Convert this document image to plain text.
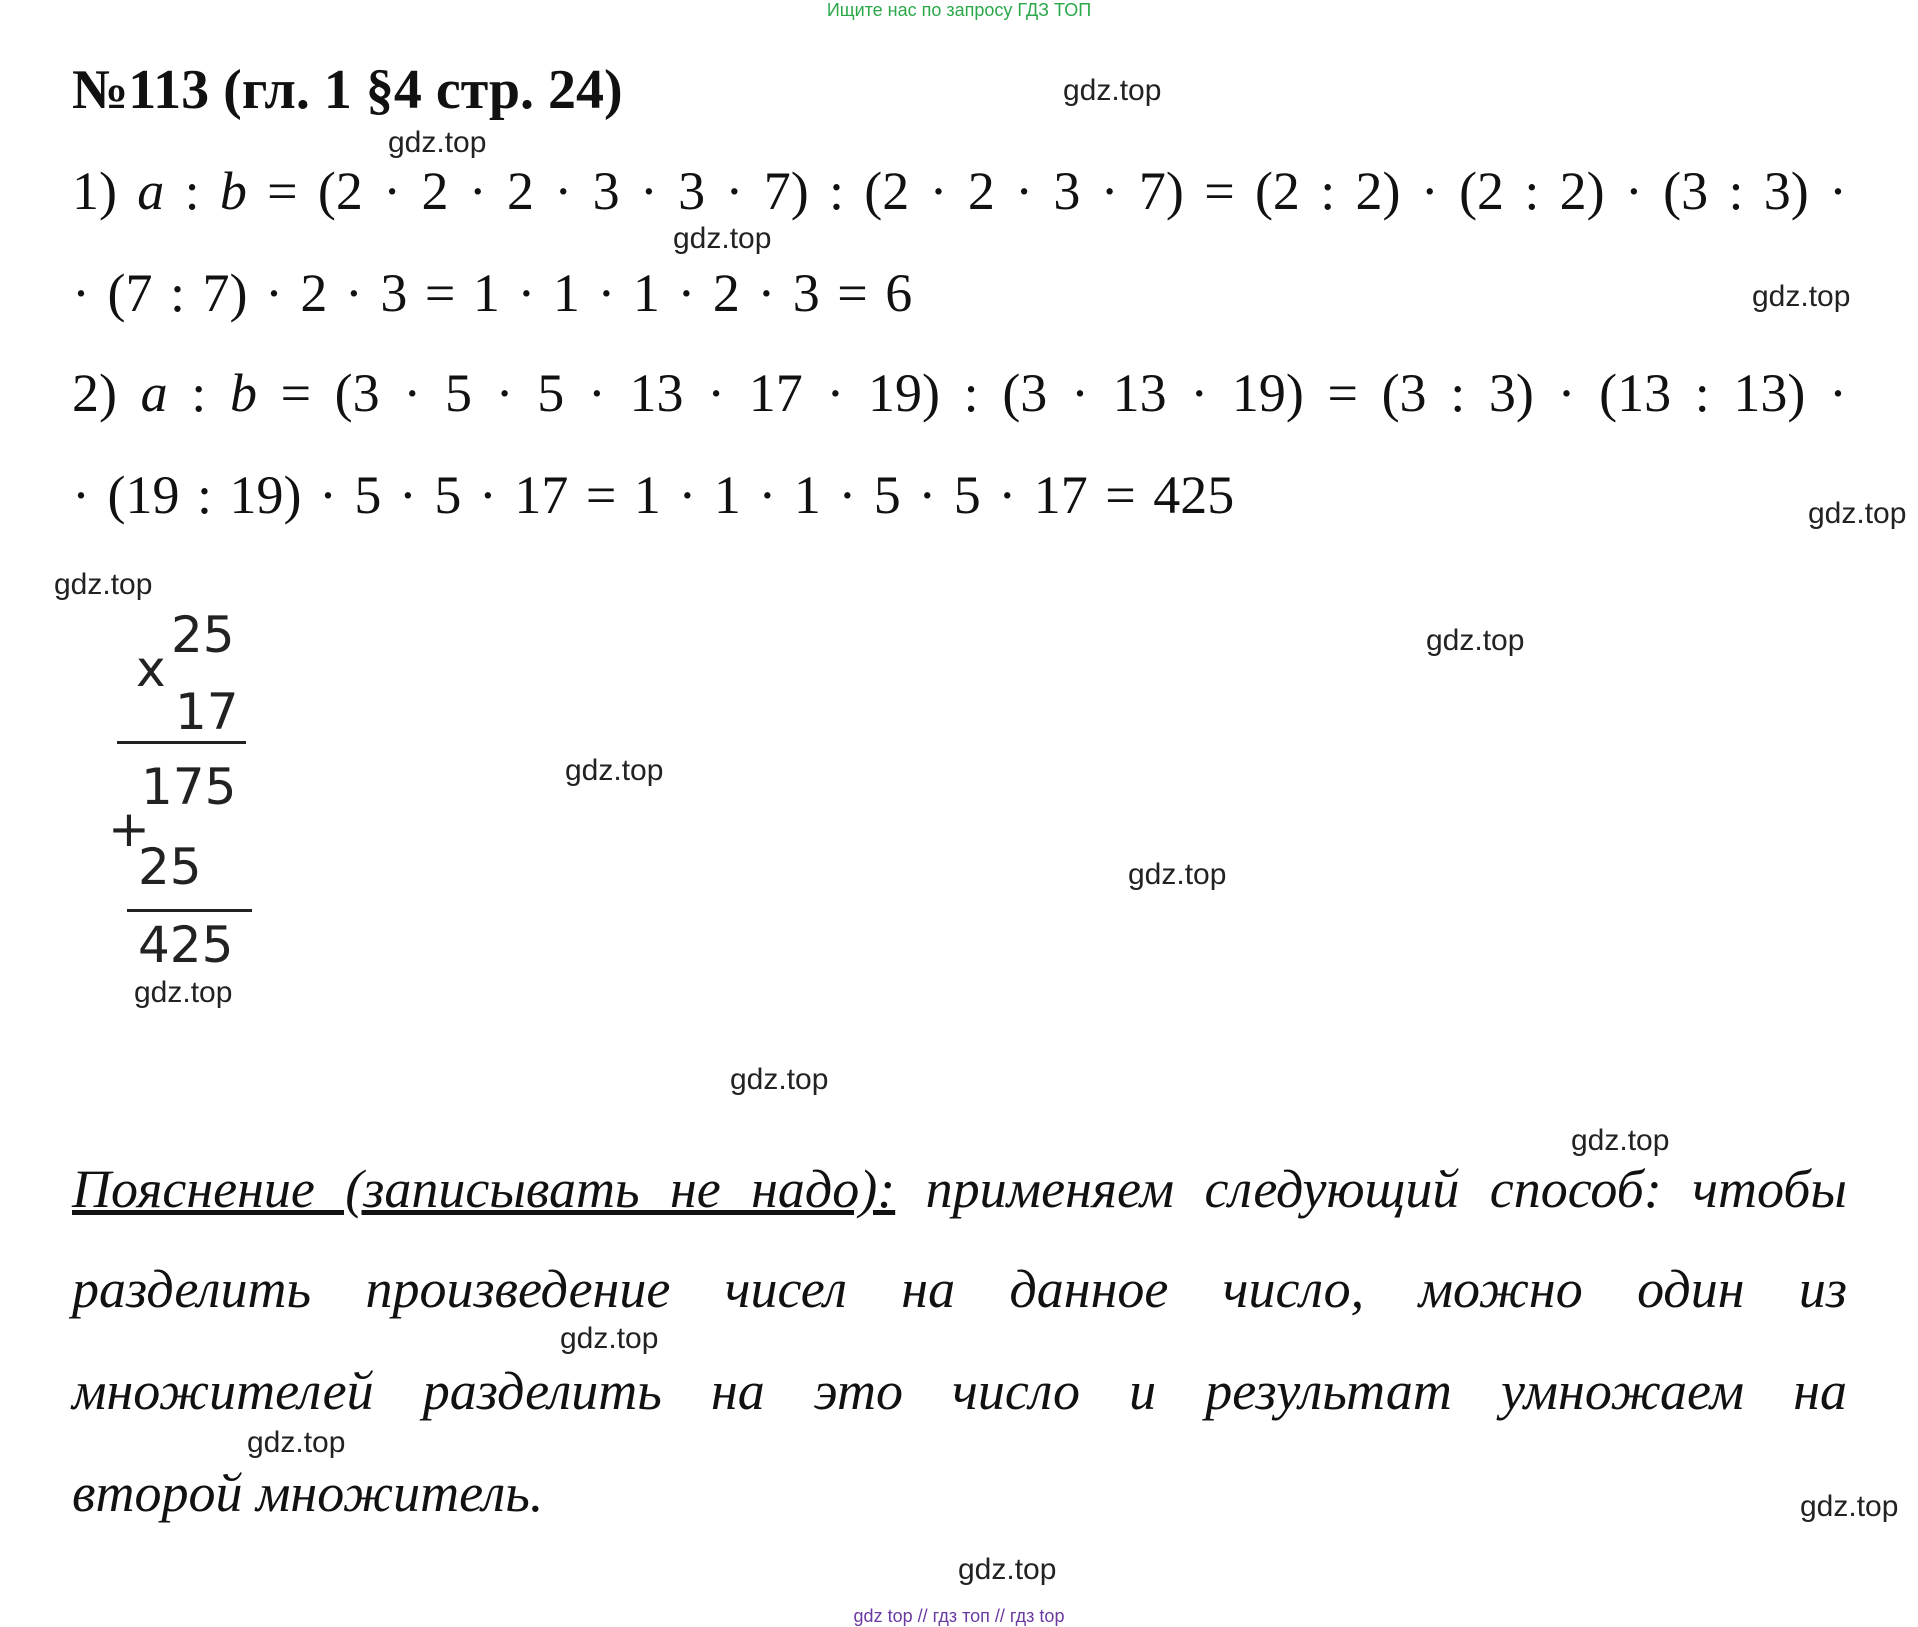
Ищите нас по запросу ГДЗ ТОП
№113 (гл. 1 §4 стр. 24)
1) a : b = (2 · 2 · 2 · 3 · 3 · 7) : (2 · 2 · 3 · 7) = (2 : 2) · (2 : 2) · (3 : 3) ·
· (7 : 7) · 2 · 3 = 1 · 1 · 1 · 2 · 3 = 6
2) a : b = (3 · 5 · 5 · 13 · 17 · 19) : (3 · 13 · 19) = (3 : 3) · (13 : 13) ·
· (19 : 19) · 5 · 5 · 17 = 1 · 1 · 1 · 5 · 5 · 17 = 425
x
25
17
175
+
25
425
Пояснение (записывать не надо): применяем следующий способ: чтобы
разделить произведение чисел на данное число, можно один из
множителей разделить на это число и результат умножаем на
второй множитель.
gdz.top
gdz.top
gdz.top
gdz.top
gdz.top
gdz.top
gdz.top
gdz.top
gdz.top
gdz.top
gdz.top
gdz.top
gdz.top
gdz.top
gdz.top
gdz.top
gdz top // гдз топ // гдз top
